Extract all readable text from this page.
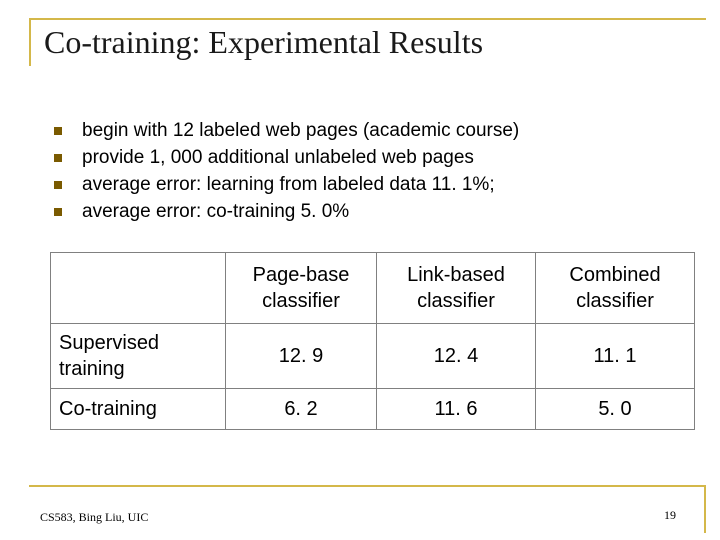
Co-training: Experimental Results
begin with 12 labeled web pages (academic course)
provide 1, 000 additional unlabeled web pages
average error: learning from labeled data 11. 1%;
average error: co-training 5. 0%
	Page-base classifier	Link-based classifier	Combined classifier
Supervised training	12. 9	12. 4	11. 1
Co-training	6. 2	11. 6	5. 0
CS583, Bing Liu, UIC	19
